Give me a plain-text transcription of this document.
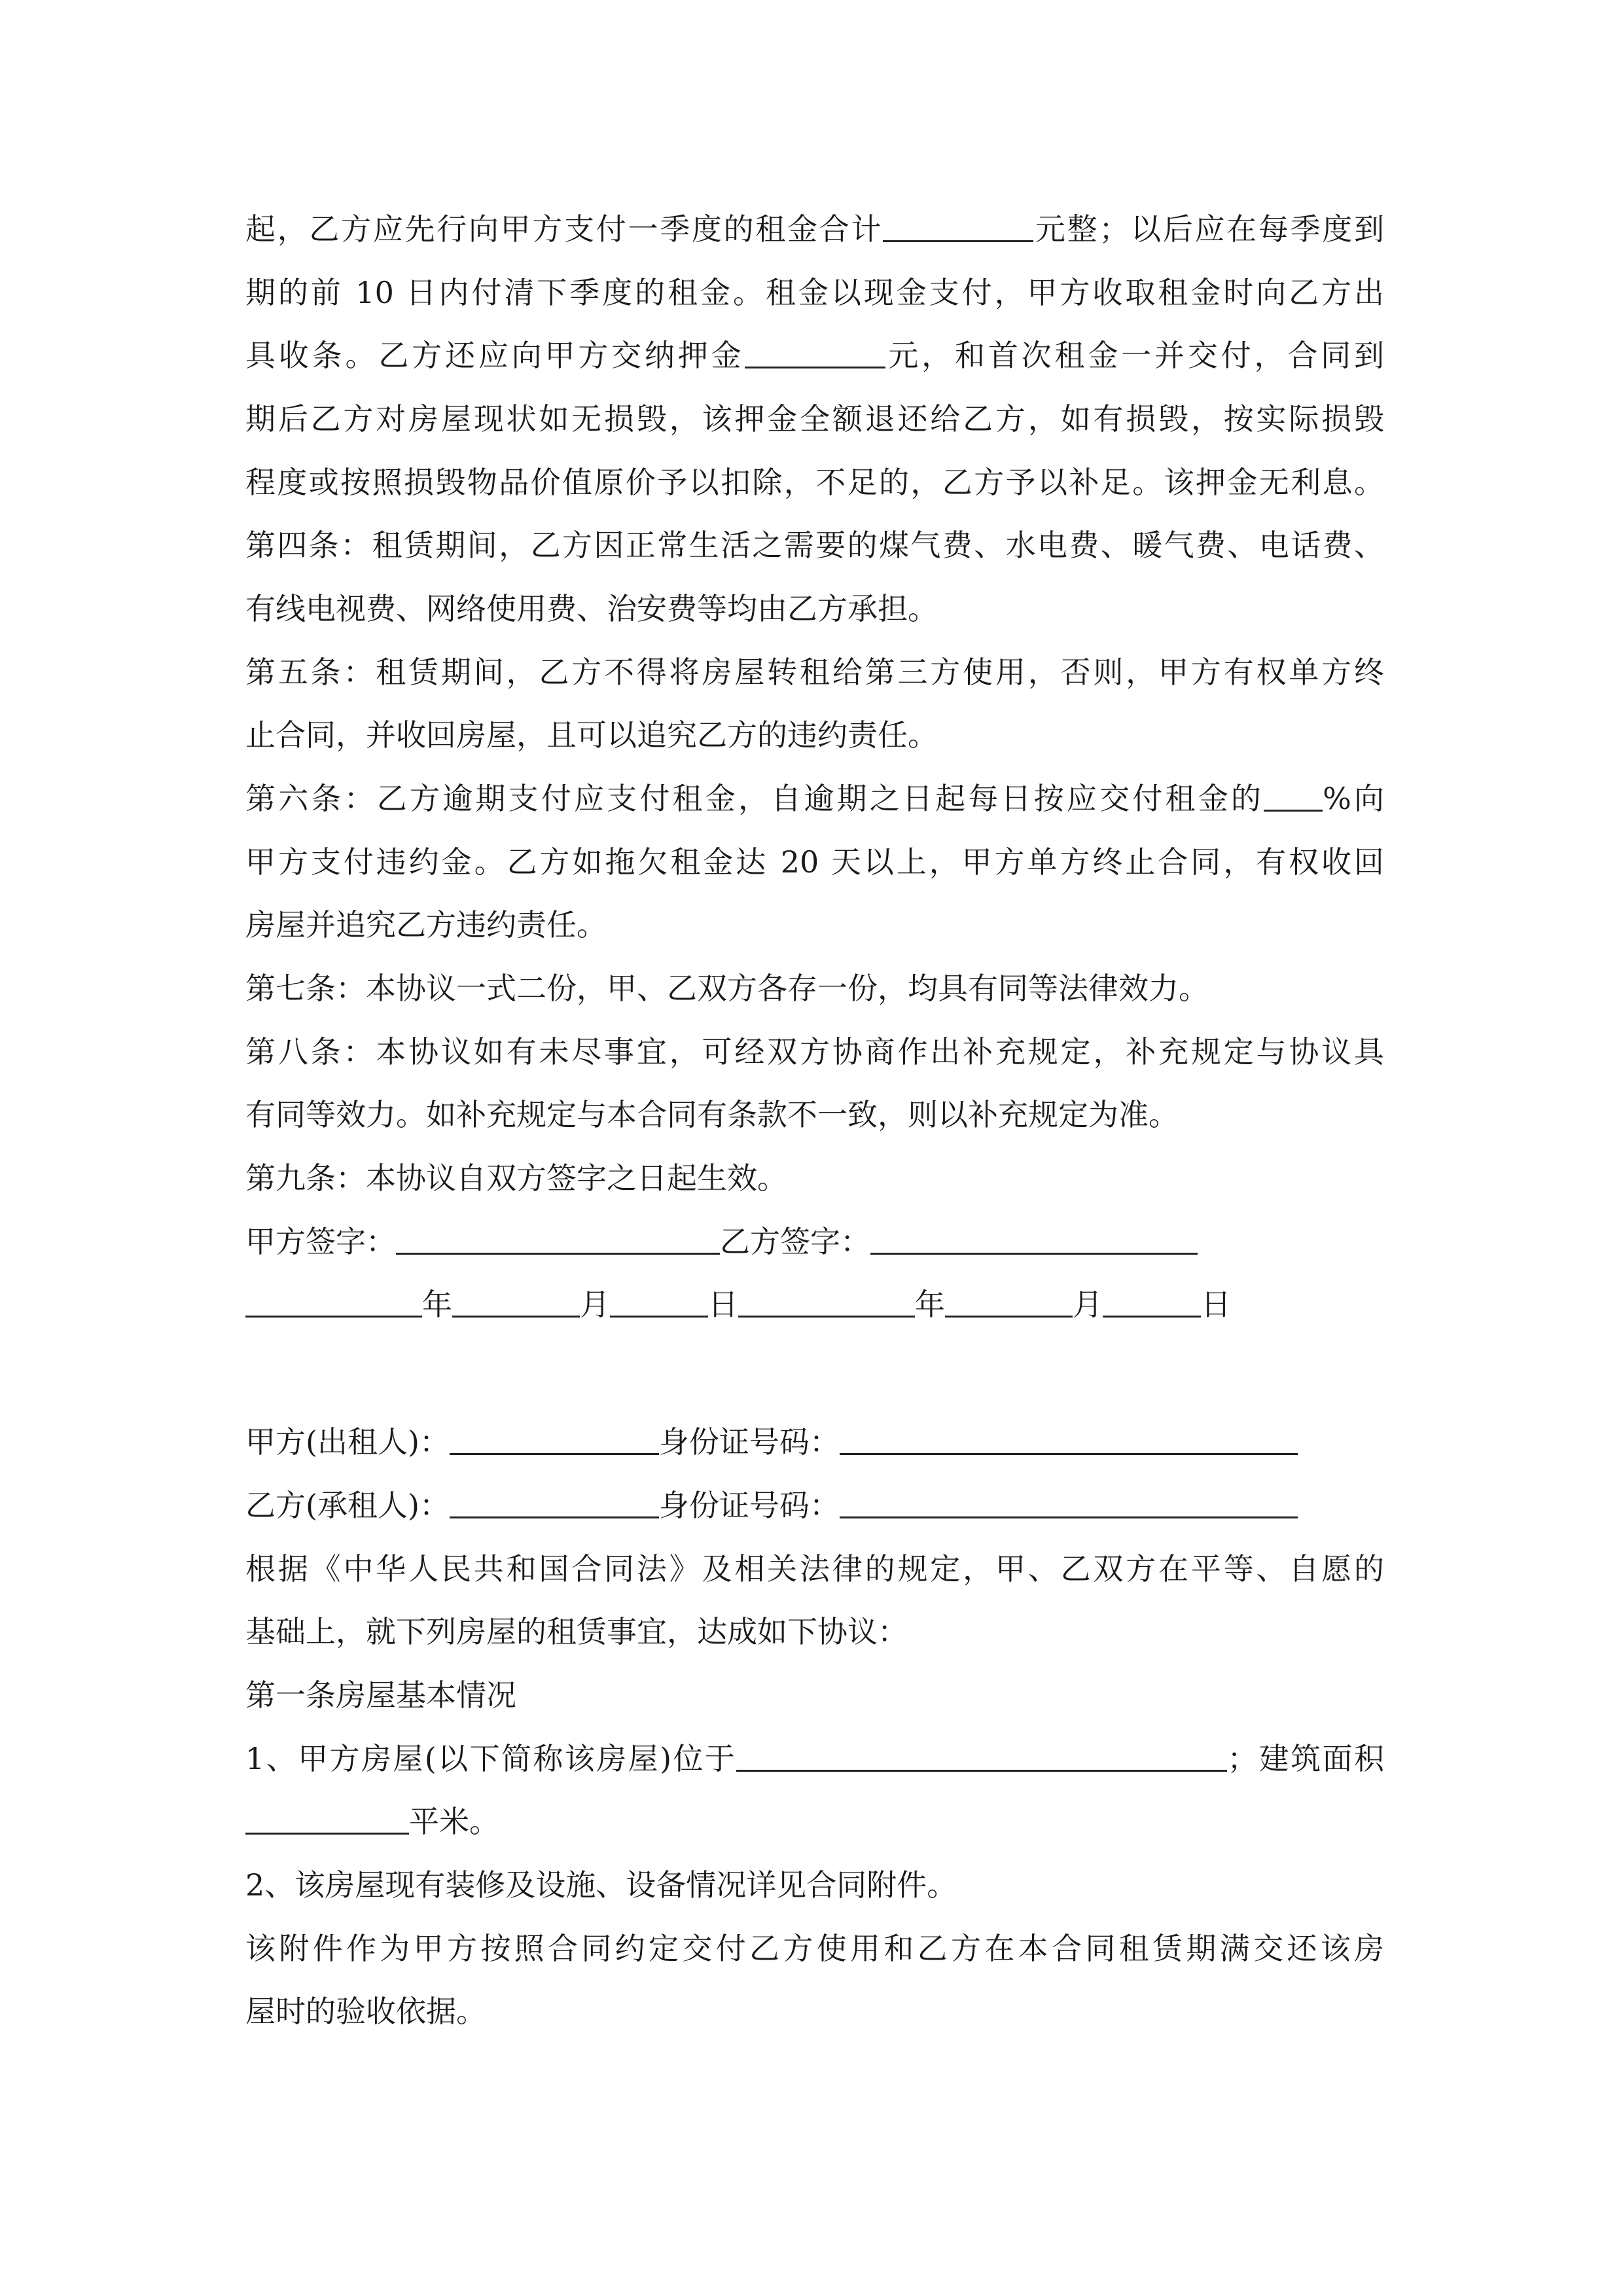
起，乙方应先行向甲方支付一季度的租金合计	元整；以后应在每季度到
期的前 10 日内付清下季度的租金。租金以现金支付，甲方收取租金时向乙方出
具收条。乙方还应向甲方交纳押金	元，和首次租金一并交付，合同到
期后乙方对房屋现状如无损毁，该押金全额退还给乙方，如有损毁，按实际损毁
程度或按照损毁物品价值原价予以扣除，不足的，乙方予以补足。该押金无利息。
第四条：租赁期间，乙方因正常生活之需要的煤气费、水电费、暖气费、电话费、
有线电视费、网络使用费、治安费等均由乙方承担。
第五条：租赁期间，乙方不得将房屋转租给第三方使用，否则，甲方有权单方终
止合同，并收回房屋，且可以追究乙方的违约责任。
第六条：乙方逾期支付应支付租金，自逾期之日起每日按应交付租金的 %向
甲方支付违约金。乙方如拖欠租金达 20 天以上，甲方单方终止合同，有权收回
房屋并追究乙方违约责任。
第七条：本协议一式二份，甲、乙双方各存一份，均具有同等法律效力。
第八条：本协议如有未尽事宜，可经双方协商作出补充规定，补充规定与协议具
有同等效力。如补充规定与本合同有条款不一致，则以补充规定为准。
第九条：本协议自双方签字之日起生效。
甲方签字：	乙方签字：
年	月	日	年	月	日
甲方(出租人)：	身份证号码：
乙方(承租人)：	身份证号码：
根据《中华人民共和国合同法》及相关法律的规定，甲、乙双方在平等、自愿的
基础上，就下列房屋的租赁事宜，达成如下协议：
第一条房屋基本情况
1、甲方房屋(以下简称该房屋)位于	；建筑面积
平米。
2、该房屋现有装修及设施、设备情况详见合同附件。
该附件作为甲方按照合同约定交付乙方使用和乙方在本合同租赁期满交还该房
屋时的验收依据。
